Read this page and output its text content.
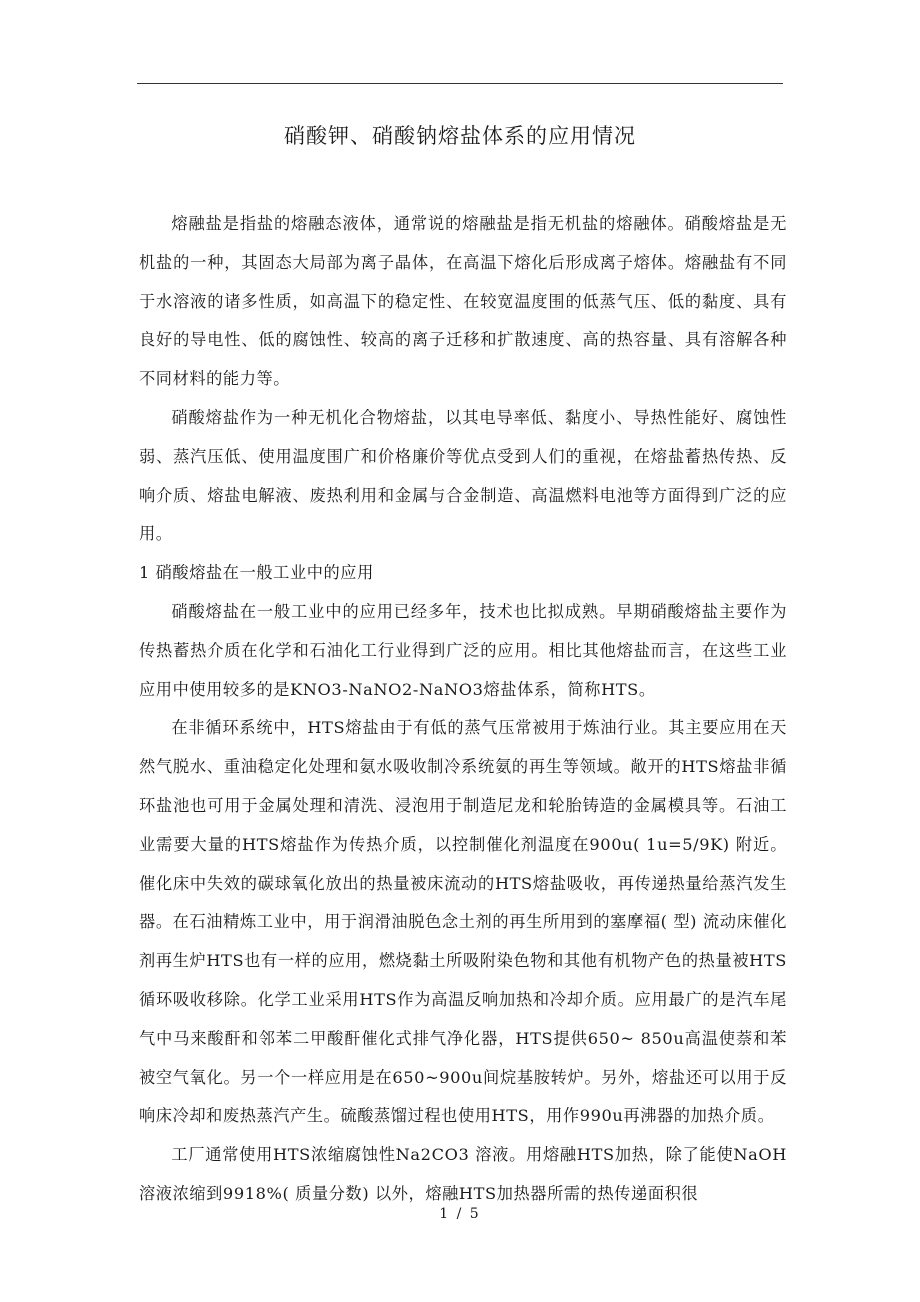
硝酸钾、硝酸钠熔盐体系的应用情况

熔融盐是指盐的熔融态液体，通常说的熔融盐是指无机盐的熔融体。硝酸熔盐是无机盐的一种，其固态大局部为离子晶体，在高温下熔化后形成离子熔体。熔融盐有不同于水溶液的诸多性质，如高温下的稳定性、在较宽温度围的低蒸气压、低的黏度、具有良好的导电性、低的腐蚀性、较高的离子迁移和扩散速度、高的热容量、具有溶解各种不同材料的能力等。

硝酸熔盐作为一种无机化合物熔盐，以其电导率低、黏度小、导热性能好、腐蚀性弱、蒸汽压低、使用温度围广和价格廉价等优点受到人们的重视，在熔盐蓄热传热、反响介质、熔盐电解液、废热利用和金属与合金制造、高温燃料电池等方面得到广泛的应用。

1 硝酸熔盐在一般工业中的应用

硝酸熔盐在一般工业中的应用已经多年，技术也比拟成熟。早期硝酸熔盐主要作为传热蓄热介质在化学和石油化工行业得到广泛的应用。相比其他熔盐而言，在这些工业应用中使用较多的是KNO3-NaNO2-NaNO3熔盐体系，简称HTS。

在非循环系统中，HTS熔盐由于有低的蒸气压常被用于炼油行业。其主要应用在天然气脱水、重油稳定化处理和氨水吸收制冷系统氨的再生等领域。敞开的HTS熔盐非循环盐池也可用于金属处理和清洗、浸泡用于制造尼龙和轮胎铸造的金属模具等。石油工业需要大量的HTS熔盐作为传热介质，以控制催化剂温度在900u( 1u=5/9K) 附近。催化床中失效的碳球氧化放出的热量被床流动的HTS熔盐吸收，再传递热量给蒸汽发生器。在石油精炼工业中，用于润滑油脱色念土剂的再生所用到的塞摩福( 型) 流动床催化剂再生炉HTS也有一样的应用，燃烧黏土所吸附染色物和其他有机物产色的热量被HTS循环吸收移除。化学工业采用HTS作为高温反响加热和冷却介质。应用最广的是汽车尾气中马来酸酐和邻苯二甲酸酐催化式排气净化器，HTS提供650~ 850u高温使萘和苯被空气氧化。另一个一样应用是在650~900u间烷基胺转炉。另外，熔盐还可以用于反响床冷却和废热蒸汽产生。硫酸蒸馏过程也使用HTS，用作990u再沸器的加热介质。

工厂通常使用HTS浓缩腐蚀性Na2CO3 溶液。用熔融HTS加热，除了能使NaOH溶液浓缩到9918%( 质量分数) 以外，熔融HTS加热器所需的热传递面积很

1 / 5
